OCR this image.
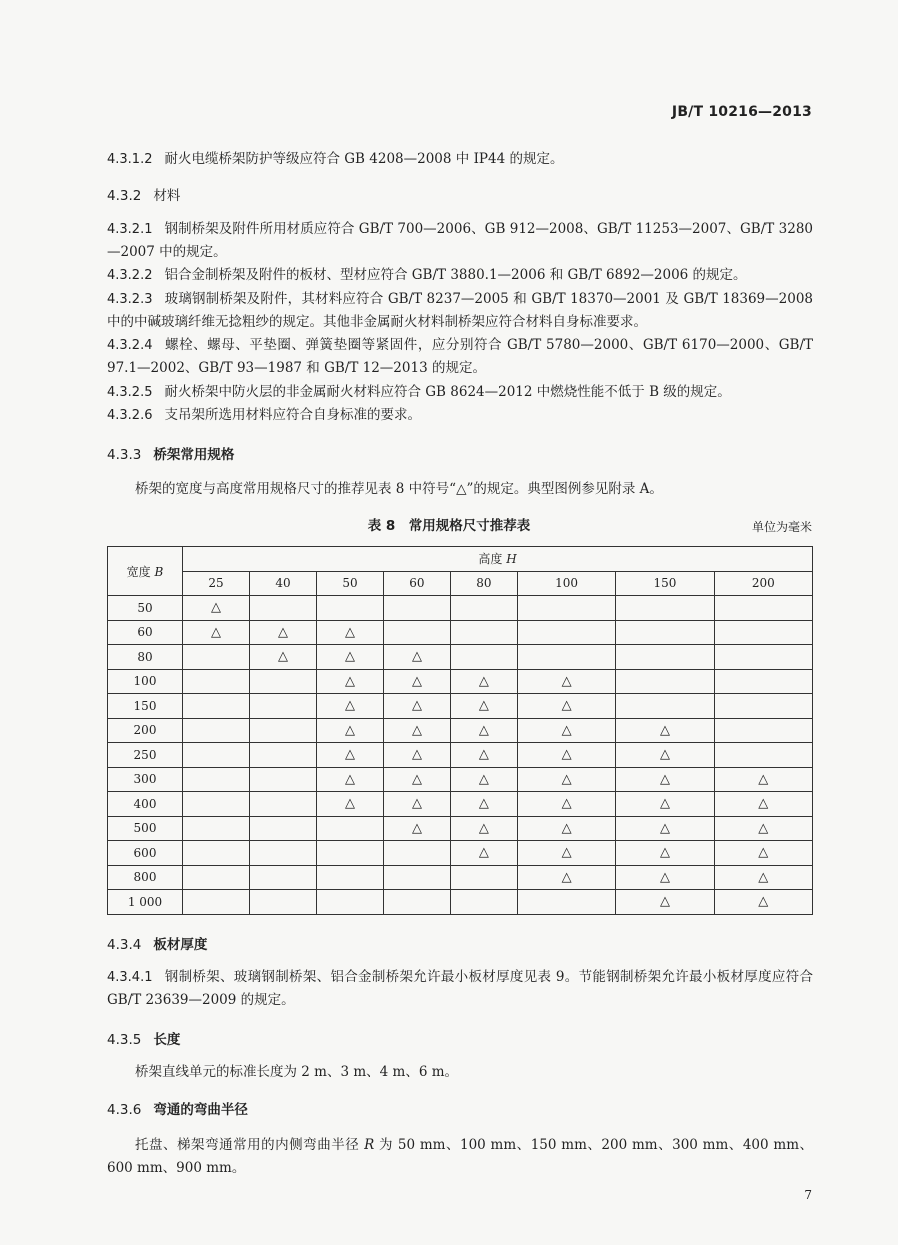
JB/T 10216—2013
4.3.1.2 耐火电缆桥架防护等级应符合 GB 4208—2008 中 IP44 的规定。
4.3.2 材料
4.3.2.1 钢制桥架及附件所用材质应符合 GB/T 700—2006、GB 912—2008、GB/T 11253—2007、GB/T 3280—2007 中的规定。
4.3.2.2 铝合金制桥架及附件的板材、型材应符合 GB/T 3880.1—2006 和 GB/T 6892—2006 的规定。
4.3.2.3 玻璃钢制桥架及附件，其材料应符合 GB/T 8237—2005 和 GB/T 18370—2001 及 GB/T 18369—2008 中的中碱玻璃纤维无捻粗纱的规定。其他非金属耐火材料制桥架应符合材料自身标准要求。
4.3.2.4 螺栓、螺母、平垫圈、弹簧垫圈等紧固件，应分别符合 GB/T 5780—2000、GB/T 6170—2000、GB/T 97.1—2002、GB/T 93—1987 和 GB/T 12—2013 的规定。
4.3.2.5 耐火桥架中防火层的非金属耐火材料应符合 GB 8624—2012 中燃烧性能不低于 B 级的规定。
4.3.2.6 支吊架所选用材料应符合自身标准的要求。
4.3.3 桥架常用规格
桥架的宽度与高度常用规格尺寸的推荐见表 8 中符号“△”的规定。典型图例参见附录 A。
表 8　常用规格尺寸推荐表	单位为毫米
宽度 B	高度 H							
	25	40	50	60	80	100	150	200
50	△							
60	△	△	△					
80		△	△	△				
100			△	△	△	△		
150			△	△	△	△		
200			△	△	△	△	△	
250			△	△	△	△	△	
300			△	△	△	△	△	△
400			△	△	△	△	△	△
500				△	△	△	△	△
600					△	△	△	△
800						△	△	△
1 000							△	△
4.3.4 板材厚度
4.3.4.1 钢制桥架、玻璃钢制桥架、铝合金制桥架允许最小板材厚度见表 9。节能钢制桥架允许最小板材厚度应符合 GB/T 23639—2009 的规定。
4.3.5 长度
桥架直线单元的标准长度为 2 m、3 m、4 m、6 m。
4.3.6 弯通的弯曲半径
托盘、梯架弯通常用的内侧弯曲半径 R 为 50 mm、100 mm、150 mm、200 mm、300 mm、400 mm、600 mm、900 mm。
7
